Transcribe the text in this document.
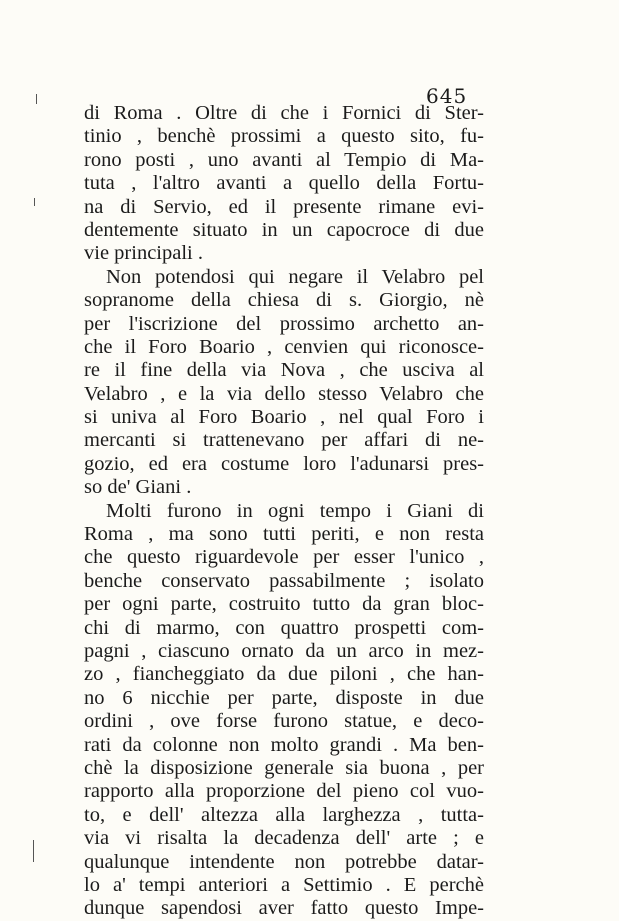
645
di Roma . Oltre di che i Fornici di Ster-
tinio , benchè prossimi a questo sito, fu-
rono posti , uno avanti al Tempio di Ma-
tuta , l'altro avanti a quello della Fortu-
na di Servio, ed il presente rimane evi-
dentemente situato in un capocroce di due
vie principali .
Non potendosi qui negare il Velabro pel
sopranome della chiesa di s. Giorgio, nè
per l'iscrizione del prossimo archetto an-
che il Foro Boario , cenvien qui riconosce-
re il fine della via Nova , che usciva al
Velabro , e la via dello stesso Velabro che
si univa al Foro Boario , nel qual Foro i
mercanti si trattenevano per affari di ne-
gozio, ed era costume loro l'adunarsi pres-
so de' Giani .
Molti furono in ogni tempo i Giani di
Roma , ma sono tutti periti, e non resta
che questo riguardevole per esser l'unico ,
benche conservato passabilmente ; isolato
per ogni parte, costruito tutto da gran bloc-
chi di marmo, con quattro prospetti com-
pagni , ciascuno ornato da un arco in mez-
zo , fiancheggiato da due piloni , che han-
no 6 nicchie per parte, disposte in due
ordini , ove forse furono statue, e deco-
rati da colonne non molto grandi . Ma ben-
chè la disposizione generale sia buona , per
rapporto alla proporzione del pieno col vuo-
to, e dell' altezza alla larghezza , tutta-
via vi risalta la decadenza dell' arte ; e
qualunque intendente non potrebbe datar-
lo a' tempi anteriori a Settimio . E perchè
dunque sapendosi aver fatto questo Impe-
